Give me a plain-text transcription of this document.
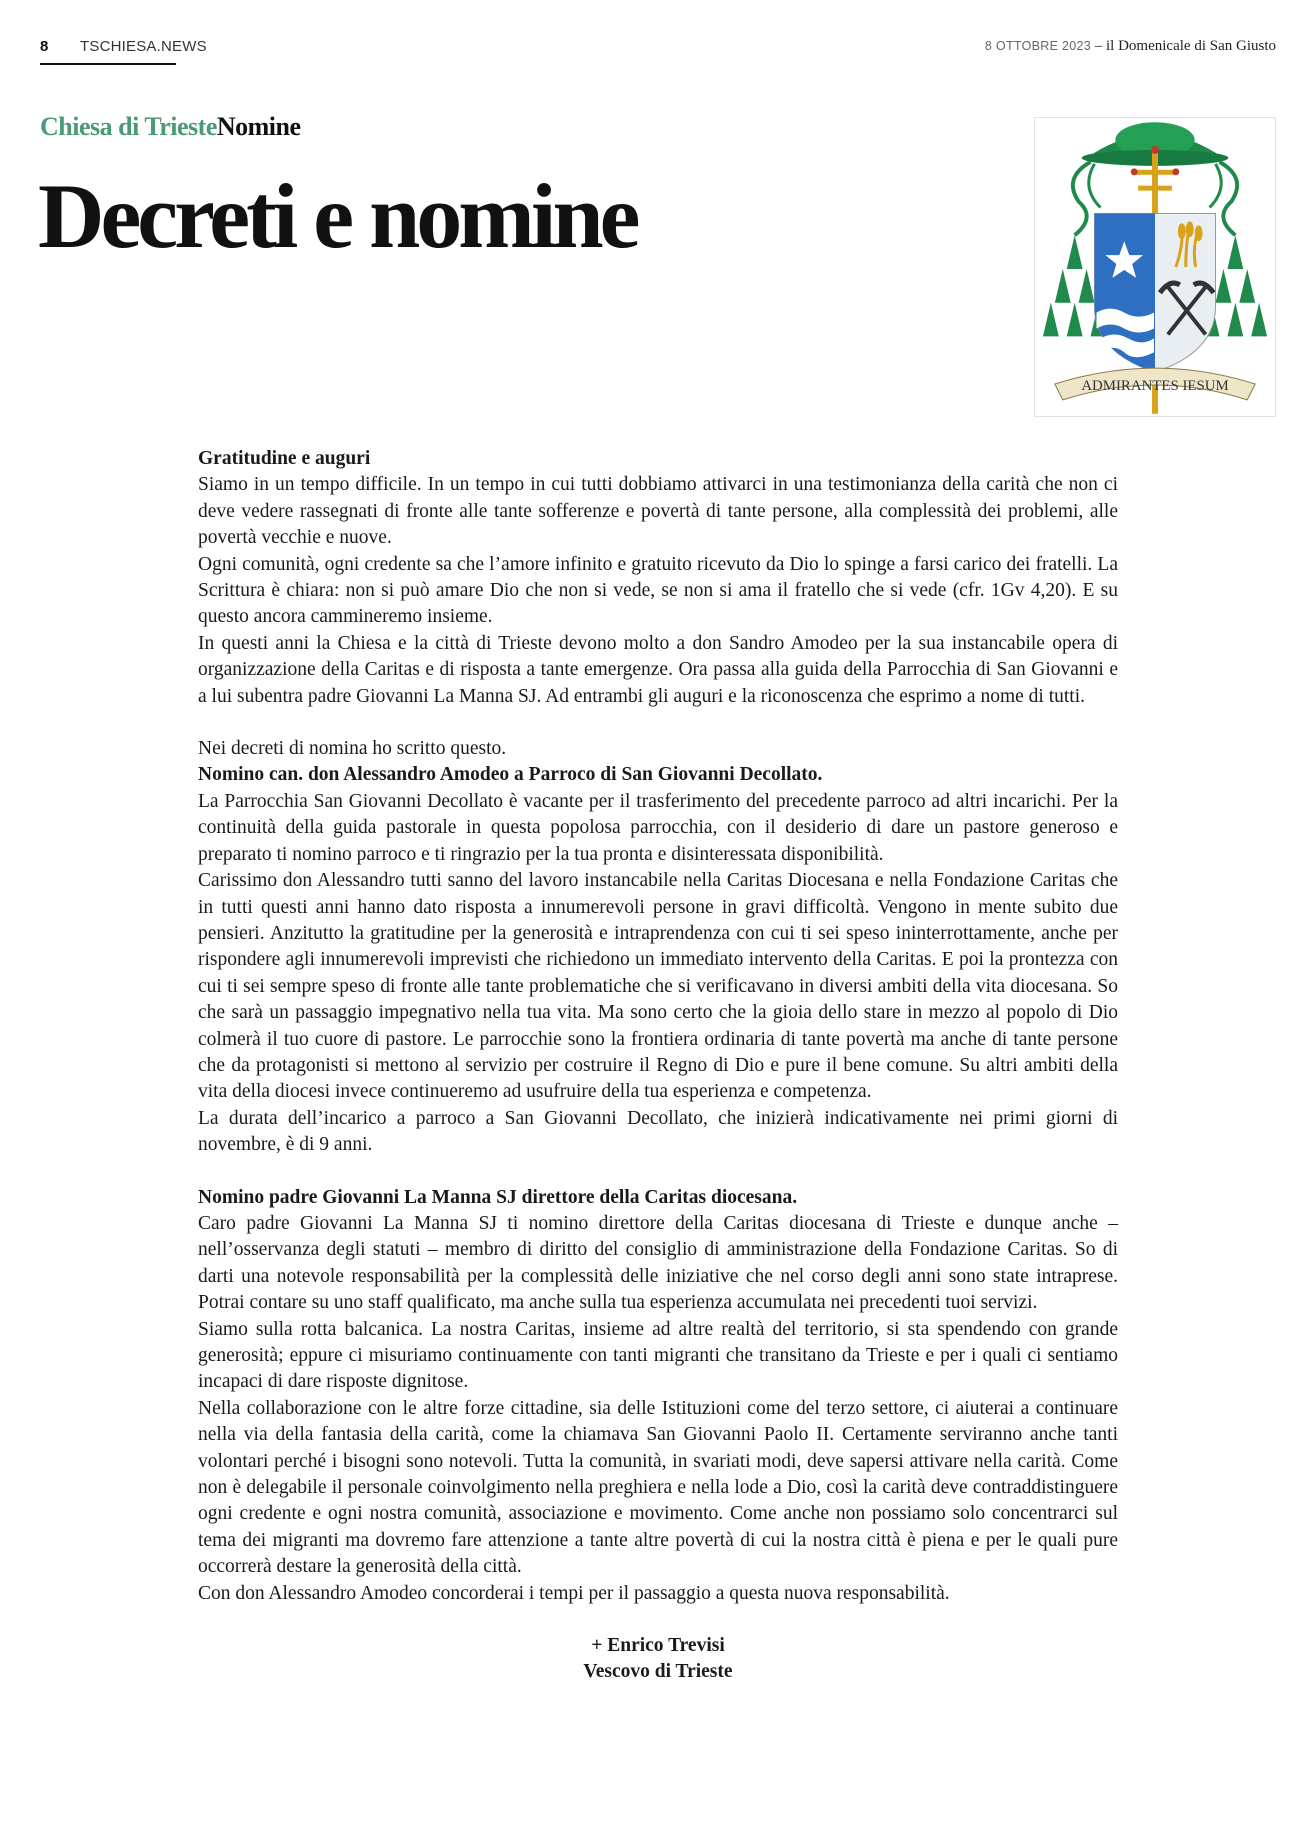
8 TSCHIESA.NEWS	8 OTTOBRE 2023 – il Domenicale di San Giusto
Chiesa di TriesteNomine
Decreti e nomine
ADMIRANTES IESUM

Gratitudine e auguri

Siamo in un tempo difficile. In un tempo in cui tutti dobbiamo attivarci in una testimonianza della carità che non ci deve vedere rassegnati di fronte alle tante sofferenze e povertà di tante persone, alla complessità dei problemi, alle povertà vecchie e nuove.

Ogni comunità, ogni credente sa che l’amore infinito e gratuito ricevuto da Dio lo spinge a farsi carico dei fratelli. La Scrittura è chiara: non si può amare Dio che non si vede, se non si ama il fratello che si vede (cfr. 1Gv 4,20). E su questo ancora cammineremo insieme.

In questi anni la Chiesa e la città di Trieste devono molto a don Sandro Amodeo per la sua instancabile opera di organizzazione della Caritas e di risposta a tante emergenze. Ora passa alla guida della Parrocchia di San Giovanni e a lui subentra padre Giovanni La Manna SJ. Ad entrambi gli auguri e la riconoscenza che esprimo a nome di tutti.

Nei decreti di nomina ho scritto questo.

Nomino can. don Alessandro Amodeo a Parroco di San Giovanni Decollato.

La Parrocchia San Giovanni Decollato è vacante per il trasferimento del precedente parroco ad altri incarichi. Per la continuità della guida pastorale in questa popolosa parrocchia, con il desiderio di dare un pastore generoso e preparato ti nomino parroco e ti ringrazio per la tua pronta e disinteressata disponibilità.

Carissimo don Alessandro tutti sanno del lavoro instancabile nella Caritas Diocesana e nella Fondazione Caritas che in tutti questi anni hanno dato risposta a innumerevoli persone in gravi difficoltà. Vengono in mente subito due pensieri. Anzitutto la gratitudine per la generosità e intraprendenza con cui ti sei speso ininterrottamente, anche per rispondere agli innumerevoli imprevisti che richiedono un immediato intervento della Caritas. E poi la prontezza con cui ti sei sempre speso di fronte alle tante problematiche che si verificavano in diversi ambiti della vita diocesana. So che sarà un passaggio impegnativo nella tua vita. Ma sono certo che la gioia dello stare in mezzo al popolo di Dio colmerà il tuo cuore di pastore. Le parrocchie sono la frontiera ordinaria di tante povertà ma anche di tante persone che da protagonisti si mettono al servizio per costruire il Regno di Dio e pure il bene comune. Su altri ambiti della vita della diocesi invece continueremo ad usufruire della tua esperienza e competenza.

La durata dell’incarico a parroco a San Giovanni Decollato, che inizierà indicativamente nei primi giorni di novembre, è di 9 anni.

Nomino padre Giovanni La Manna SJ direttore della Caritas diocesana.

Caro padre Giovanni La Manna SJ ti nomino direttore della Caritas diocesana di Trieste e dunque anche – nell’osservanza degli statuti – membro di diritto del consiglio di amministrazione della Fondazione Caritas. So di darti una notevole responsabilità per la complessità delle iniziative che nel corso degli anni sono state intraprese. Potrai contare su uno staff qualificato, ma anche sulla tua esperienza accumulata nei precedenti tuoi servizi.

Siamo sulla rotta balcanica. La nostra Caritas, insieme ad altre realtà del territorio, si sta spendendo con grande generosità; eppure ci misuriamo continuamente con tanti migranti che transitano da Trieste e per i quali ci sentiamo incapaci di dare risposte dignitose.

Nella collaborazione con le altre forze cittadine, sia delle Istituzioni come del terzo settore, ci aiuterai a continuare nella via della fantasia della carità, come la chiamava San Giovanni Paolo II. Certamente serviranno anche tanti volontari perché i bisogni sono notevoli. Tutta la comunità, in svariati modi, deve sapersi attivare nella carità. Come non è delegabile il personale coinvolgimento nella preghiera e nella lode a Dio, così la carità deve contraddistinguere ogni credente e ogni nostra comunità, associazione e movimento. Come anche non possiamo solo concentrarci sul tema dei migranti ma dovremo fare attenzione a tante altre povertà di cui la nostra città è piena e per le quali pure occorrerà destare la generosità della città.

Con don Alessandro Amodeo concorderai i tempi per il passaggio a questa nuova responsabilità.

+ Enrico Trevisi
Vescovo di Trieste
